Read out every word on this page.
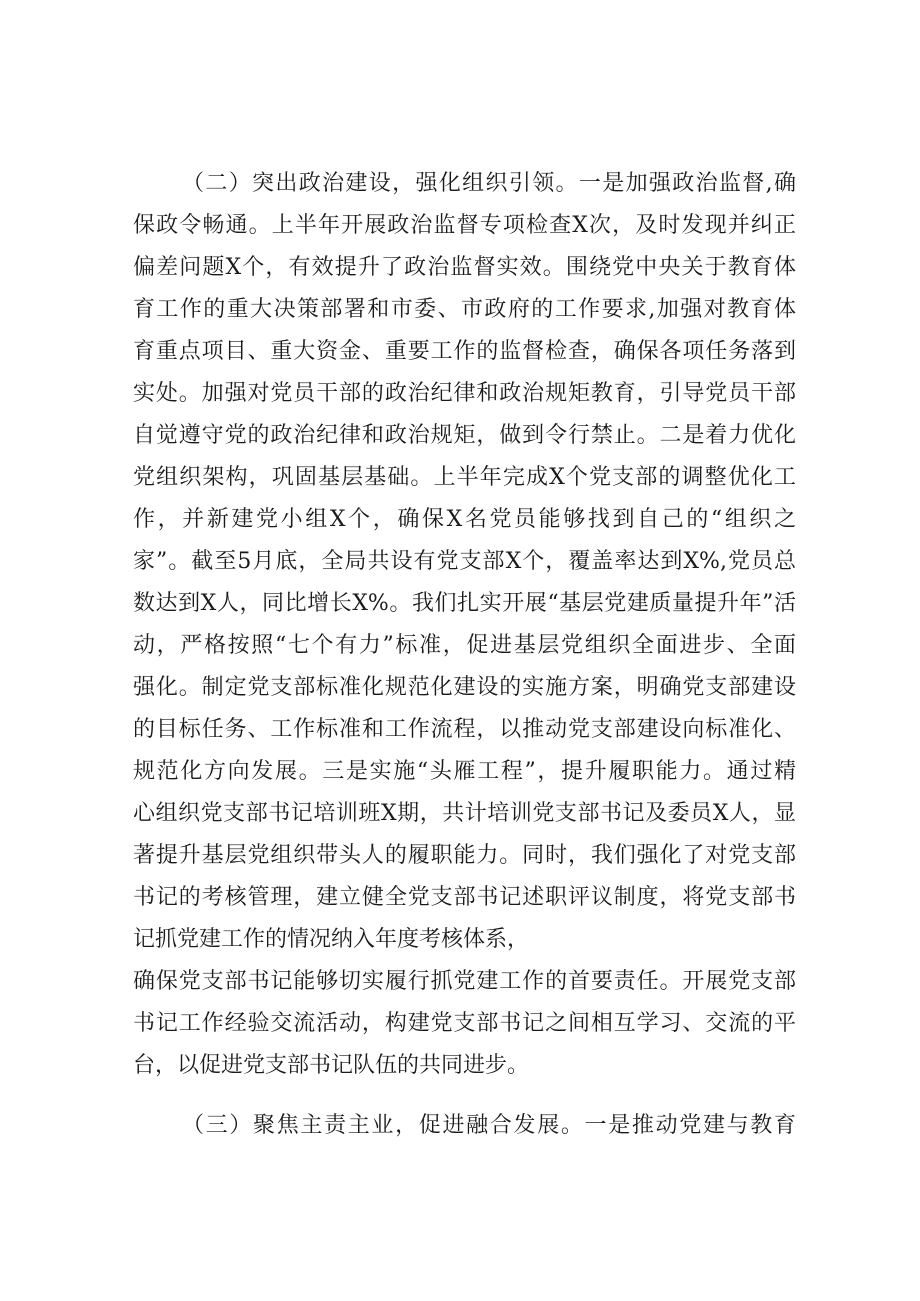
（二）突出政治建设，强化组织引领。一是加强政治监督,确

保政令畅通。上半年开展政治监督专项检查X次，及时发现并纠正

偏差问题X个，有效提升了政治监督实效。围绕党中央关于教育体

育工作的重大决策部署和市委、市政府的工作要求,加强对教育体

育重点项目、重大资金、重要工作的监督检查，确保各项任务落到

实处。加强对党员干部的政治纪律和政治规矩教育，引导党员干部

自觉遵守党的政治纪律和政治规矩，做到令行禁止。二是着力优化

党组织架构，巩固基层基础。上半年完成X个党支部的调整优化工

作，并新建党小组X个，确保X名党员能够找到自己的“组织之

家”。截至5月底，全局共设有党支部X个，覆盖率达到X%,党员总

数达到X人，同比增长X%。我们扎实开展“基层党建质量提升年”活

动，严格按照“七个有力”标准，促进基层党组织全面进步、全面

强化。制定党支部标准化规范化建设的实施方案，明确党支部建设

的目标任务、工作标准和工作流程，以推动党支部建设向标准化、

规范化方向发展。三是实施“头雁工程”，提升履职能力。通过精

心组织党支部书记培训班X期，共计培训党支部书记及委员X人，显

著提升基层党组织带头人的履职能力。同时，我们强化了对党支部

书记的考核管理，建立健全党支部书记述职评议制度，将党支部书

记抓党建工作的情况纳入年度考核体系，

确保党支部书记能够切实履行抓党建工作的首要责任。开展党支部

书记工作经验交流活动，构建党支部书记之间相互学习、交流的平

台，以促进党支部书记队伍的共同进步。

（三）聚焦主责主业，促进融合发展。一是推动党建与教育
